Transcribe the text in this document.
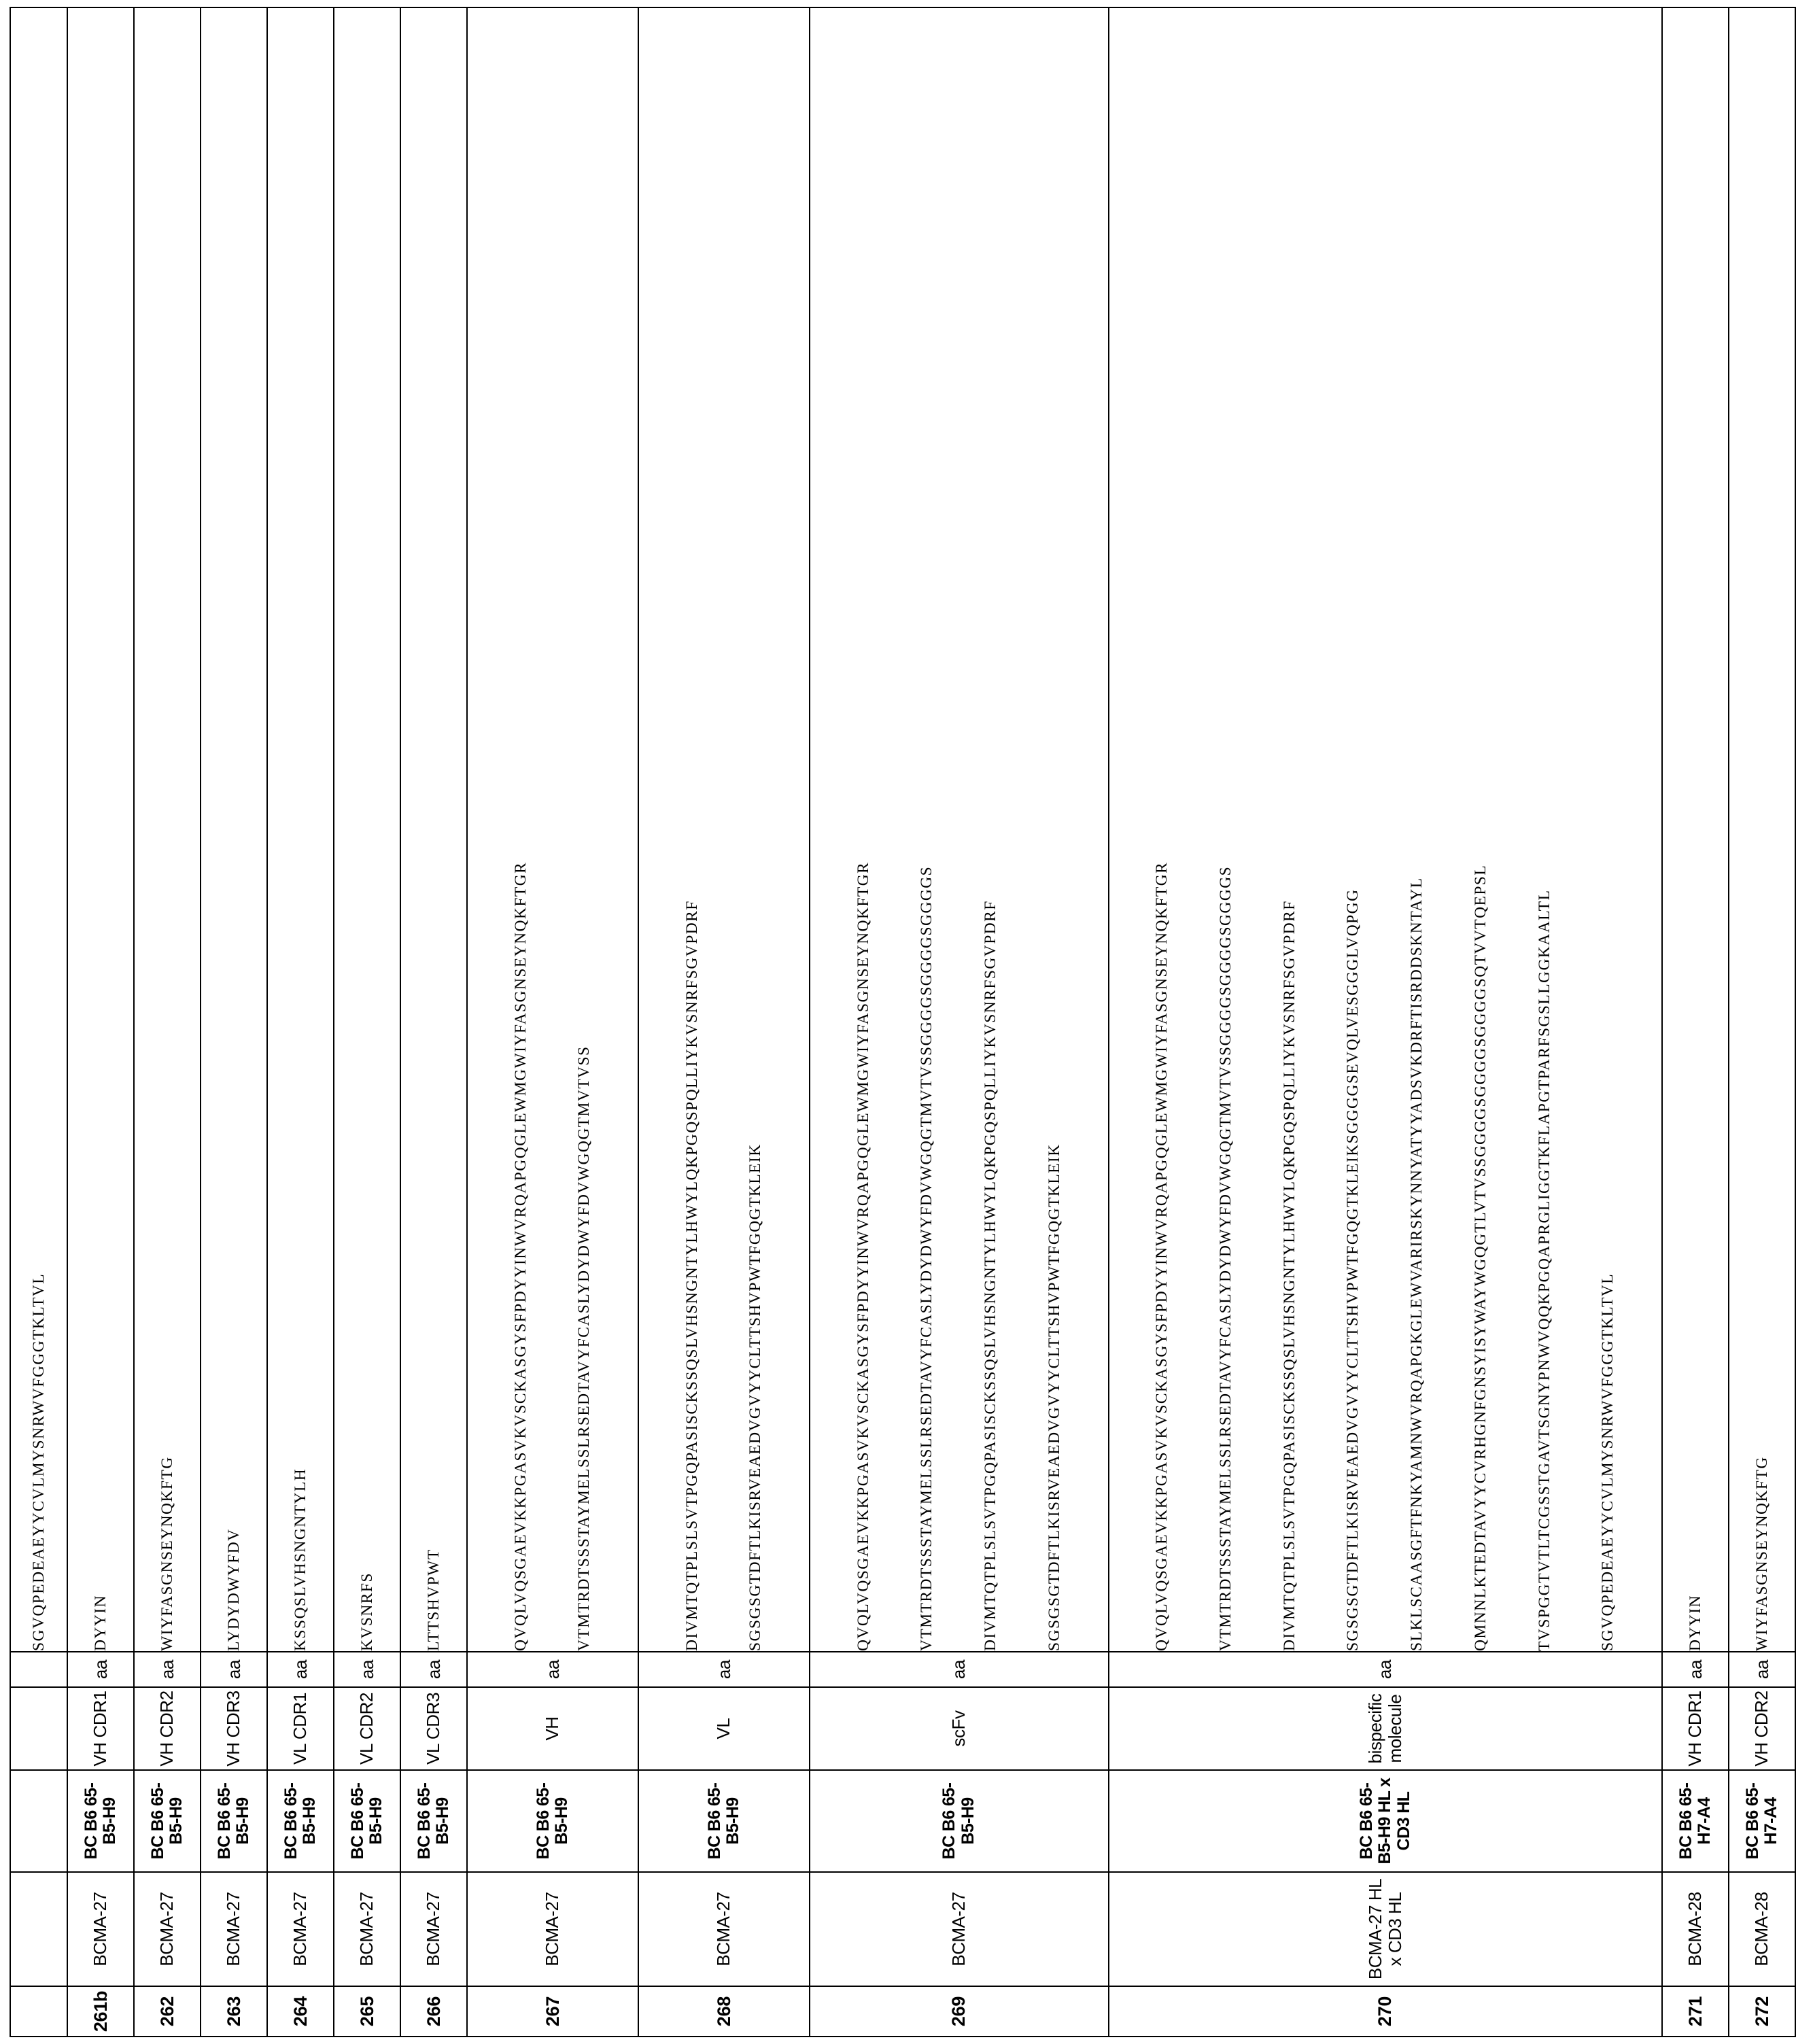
					SGVQPEDEAEYYCVLMYSNRWVFGGGTKLTVL
261b	BCMA-27	BC B6 65-B5-H9	VH CDR1	aa	DYYIN
262	BCMA-27	BC B6 65-B5-H9	VH CDR2	aa	WIYFASGNSEYNQKFTG
263	BCMA-27	BC B6 65-B5-H9	VH CDR3	aa	LYDYDWYFDV
264	BCMA-27	BC B6 65-B5-H9	VL CDR1	aa	KSSQSLVHSNGNTYLH
265	BCMA-27	BC B6 65-B5-H9	VL CDR2	aa	KVSNRFS
266	BCMA-27	BC B6 65-B5-H9	VL CDR3	aa	LTTSHVPWT
267	BCMA-27	BC B6 65-B5-H9	VH	aa	QVQLVQSGAEVKKPGASVKVSCKASGYSFPDYYINWVRQAPGQGLEWMGWIYFASGNSEYNQKFTGR

VTMTRDTSSSTAYMELSSLRSEDTAVYFCASLYDYDWYFDVWGQGTMVTVSS

268	BCMA-27	BC B6 65-B5-H9	VL	aa	DIVMTQTPLSLSVTPGQPASISCKSSQSLVHSNGNTYLHWYLQKPGQSPQLLIYKVSNRFSGVPDRF

SGSGSGTDFTLKISRVEAEDVGVYYCLTTSHVPWTFGQGTKLEIK

269	BCMA-27	BC B6 65-B5-H9	scFv	aa	QVQLVQSGAEVKKPGASVKVSCKASGYSFPDYYINWVRQAPGQGLEWMGWIYFASGNSEYNQKFTGR

VTMTRDTSSSTAYMELSSLRSEDTAVYFCASLYDYDWYFDVWGQGTMVTVSSGGGGSGGGGSGGGGS

DIVMTQTPLSLSVTPGQPASISCKSSQSLVHSNGNTYLHWYLQKPGQSPQLLIYKVSNRFSGVPDRF

SGSGSGTDFTLKISRVEAEDVGVYYCLTTSHVPWTFGQGTKLEIK

270	BCMA-27 HL x CD3 HL	BC B6 65-B5-H9 HL x CD3 HL	bispecific molecule	aa	

QVQLVQSGAEVKKPGASVKVSCKASGYSFPDYYINWVRQAPGQGLEWMGWIYFASGNSEYNQKFTGR

	VTMTRDTSSSTAYMELSSLRSEDTAVYFCASLYDYDWYFDVWGQGTMVTVSSGGGGSGGGGSGGGGS

	DIVMTQTPLSLSVTPGQPASISCKSSQSLVHSNGNTYLHWYLQKPGQSPQLLIYKVSNRFSGVPDRF

	SGSGSGTDFTLKISRVEAEDVGVYYCLTTSHVPWTFGQGTKLEIKSGGGGSEVQLVESGGGLVQPGG

	SLKLSCAASGFTFNKYAMNWVRQAPGKGLEWVARIRSKYNNYATYYADSVKDRFTISRDDSKNTAYL

	QMNNLKTEDTAVYYCVRHGNFGNSYISYWAYWGQGTLVTVSSGGGGSGGGGSGGGGSQTVVTQEPSL

	TVSPGGTVTLTCGSSTGAVTSGNYPNWVQQKPGQAPRGLIGGTKFLAPGTPARFSGSLLGGKAALTL

	SGVQPEDEAEYYCVLMYSNRWVFGGGTKLTVL

271	BCMA-28	BC B6 65-H7-A4	VH CDR1	aa	DYYIN
272	BCMA-28	BC B6 65-H7-A4	VH CDR2	aa	WIYFASGNSEYNQKFTG
